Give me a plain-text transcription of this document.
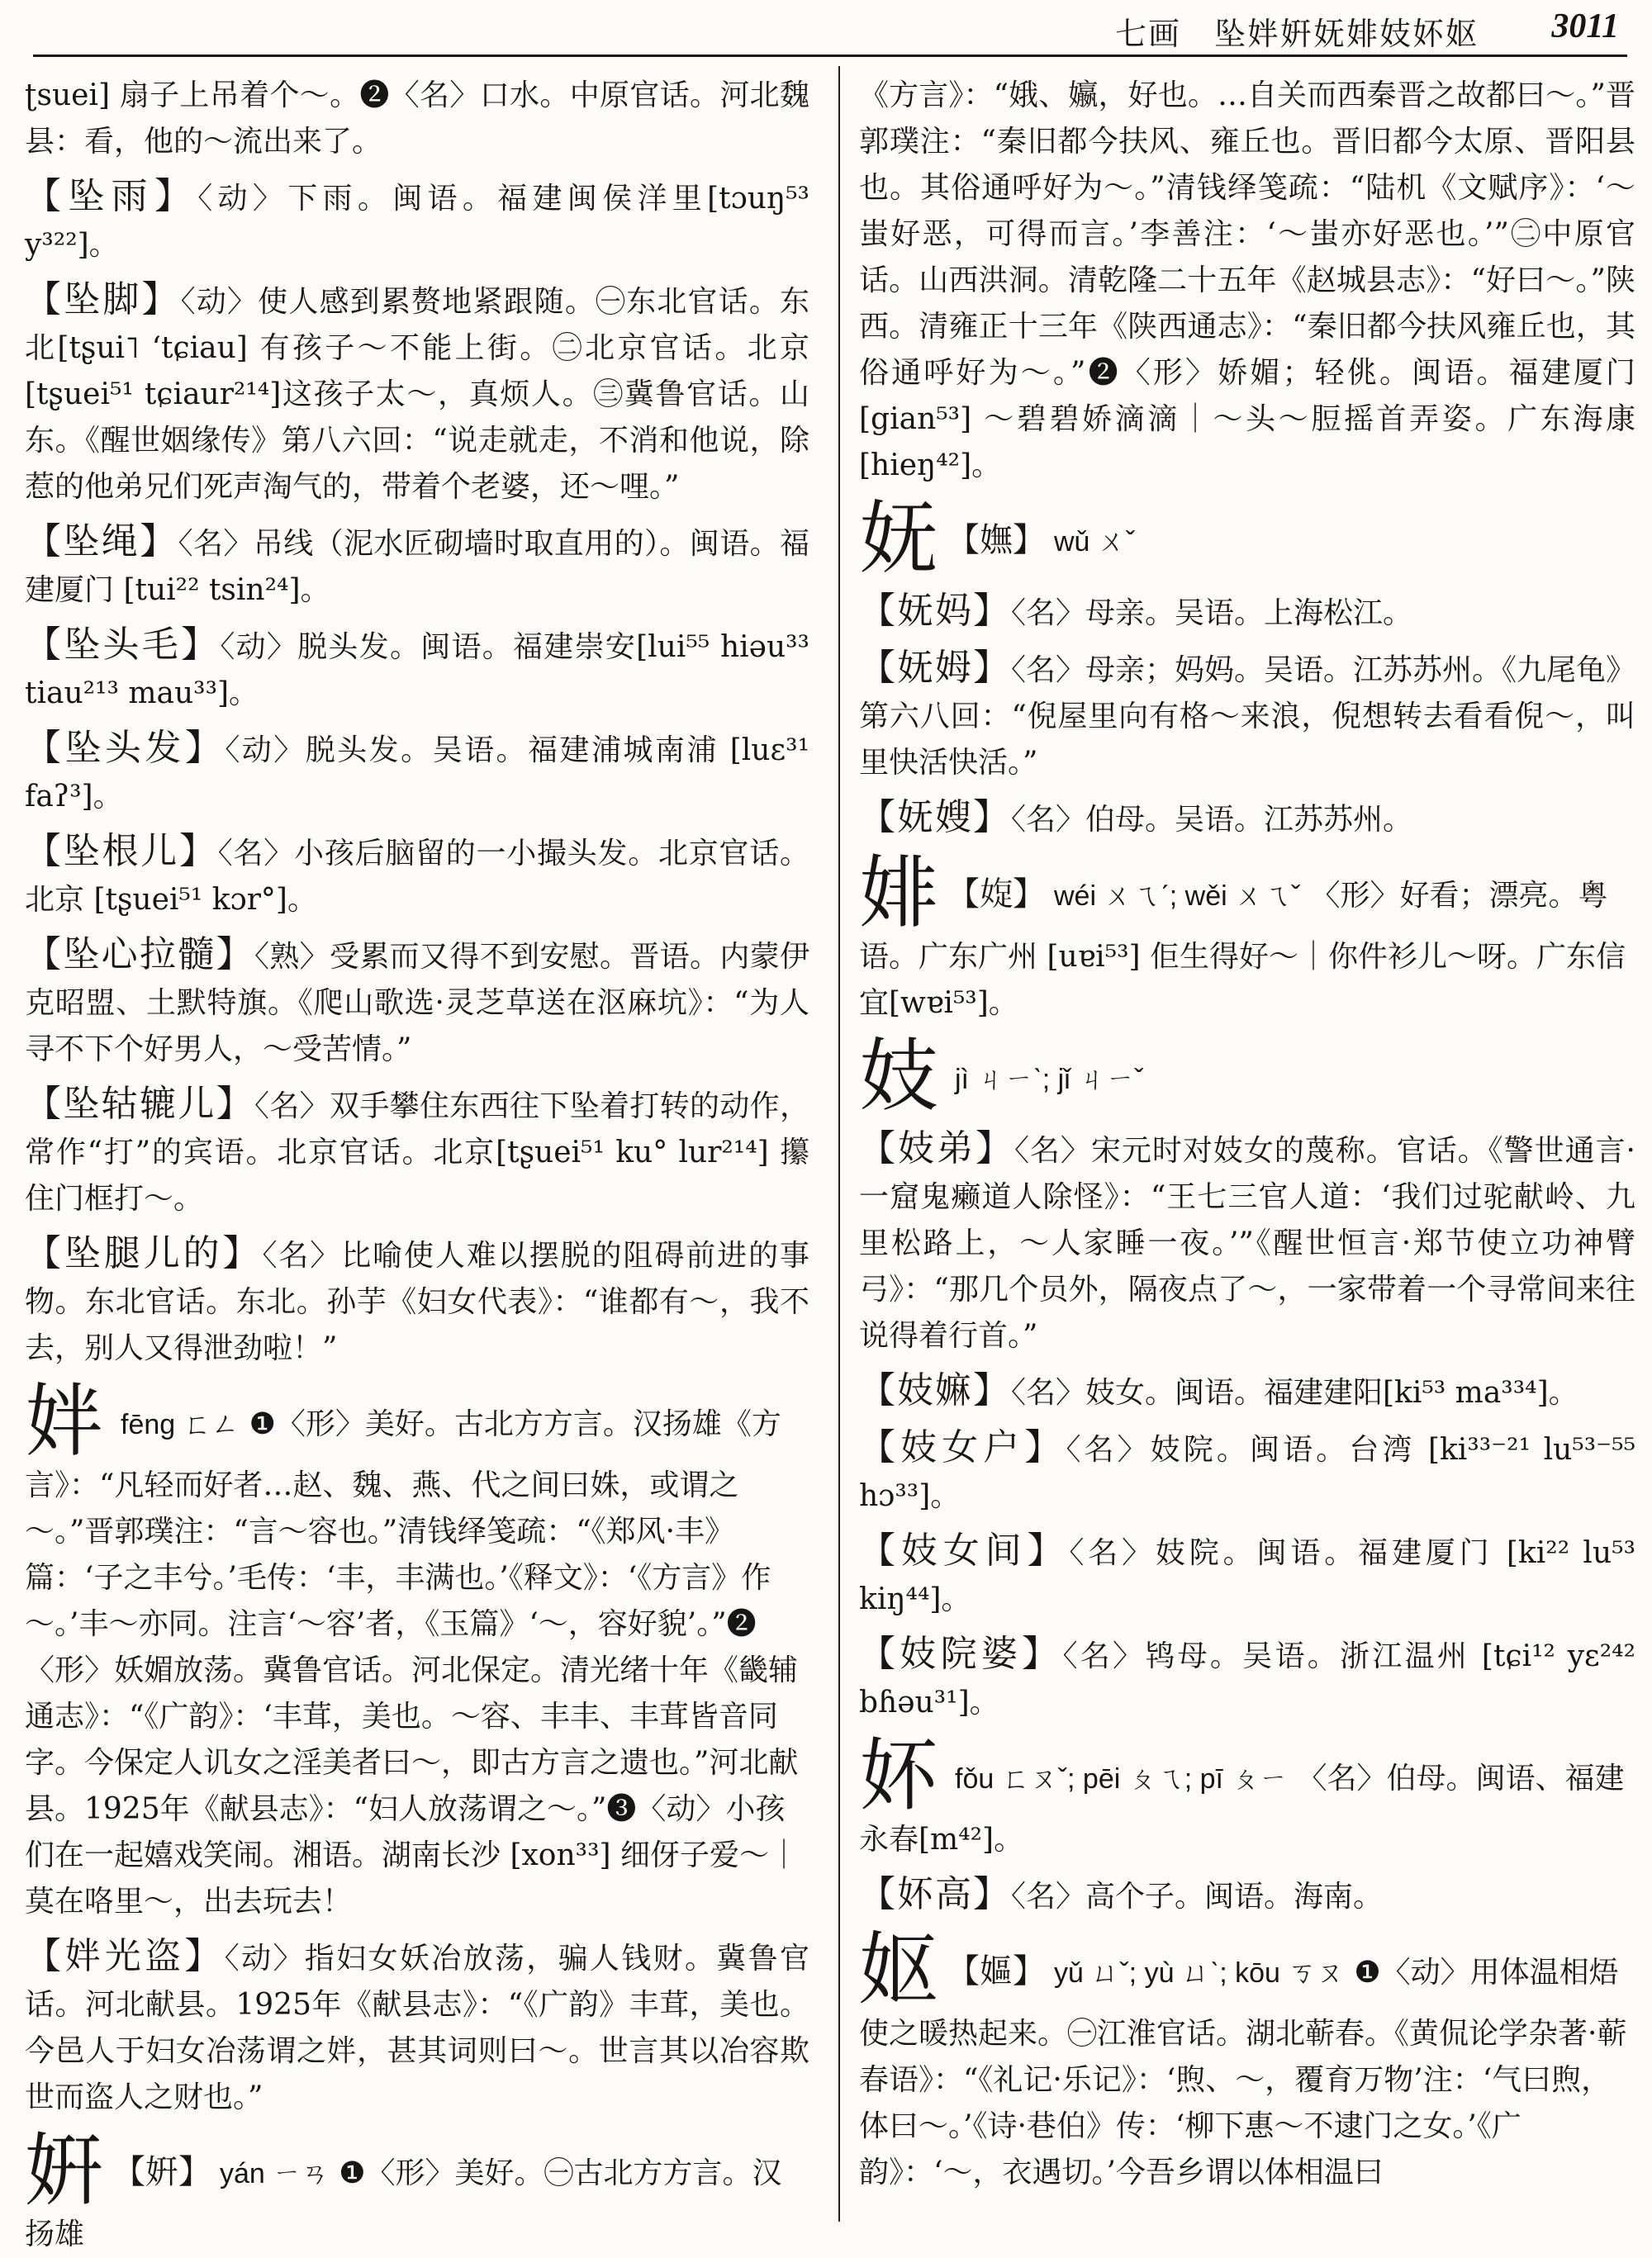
七画　坠姅姸妩婔妓妚妪 3011
ʈsuei] 扇子上吊着个～。❷〈名〉口水。中原官话。河北魏县：看，他的～流出来了。
【坠雨】〈动〉下雨。闽语。福建闽侯洋里[tɔuŋ⁵³ y³²²]。
【坠脚】〈动〉使人感到累赘地紧跟随。㊀东北官话。东北[tʂui˥ ʻtɕiau] 有孩子～不能上街。㊁北京官话。北京[tʂuei⁵¹ tɕiaur²¹⁴]这孩子太～，真烦人。㊂冀鲁官话。山东。《醒世姻缘传》第八六回：“说走就走，不消和他说，除惹的他弟兄们死声淘气的，带着个老婆，还～哩。”
【坠绳】〈名〉吊线（泥水匠砌墙时取直用的）。闽语。福建厦门 [tui²² tsin²⁴]。
【坠头毛】〈动〉脱头发。闽语。福建崇安[lui⁵⁵ hiəu³³ tiau²¹³ mau³³]。
【坠头发】〈动〉脱头发。吴语。福建浦城南浦 [luɛ³¹ faʔ³]。
【坠根儿】〈名〉小孩后脑留的一小撮头发。北京官话。北京 [tʂuei⁵¹ kɔr°]。
【坠心拉髓】〈熟〉受累而又得不到安慰。晋语。内蒙伊克昭盟、土默特旗。《爬山歌选·灵芝草送在沤麻坑》：“为人寻不下个好男人，～受苦情。”
【坠轱辘儿】〈名〉双手攀住东西往下坠着打转的动作，常作“打”的宾语。北京官话。北京[tʂuei⁵¹ ku° lur²¹⁴] 攥住门框打～。
【坠腿儿的】〈名〉比喻使人难以摆脱的阻碍前进的事物。东北官话。东北。孙芋《妇女代表》：“谁都有～，我不去，别人又得泄劲啦！”
姅fēng ㄈㄥ ❶〈形〉美好。古北方方言。汉扬雄《方言》：“凡轻而好者…赵、魏、燕、代之间曰姝，或谓之～。”晋郭璞注：“言～容也。”清钱绎笺疏：“《郑风·丰》篇：‘子之丰兮。’毛传：‘丰，丰满也。’《释文》：‘《方言》作～。’丰～亦同。注言‘～容’者，《玉篇》‘～，容好貌’。”❷〈形〉妖媚放荡。冀鲁官话。河北保定。清光绪十年《畿辅通志》：“《广韵》：‘丰茸，美也。～容、丰丰、丰茸皆音同字。今保定人讥女之淫美者曰～，即古方言之遗也。”河北献县。1925年《献县志》：“妇人放荡谓之～。”❸〈动〉小孩们在一起嬉戏笑闹。湘语。湖南长沙 [xon³³] 细伢子爱～｜莫在咯里～，出去玩去！
【姅光盗】〈动〉指妇女妖冶放荡，骗人钱财。冀鲁官话。河北献县。1925年《献县志》：“《广韵》丰茸，美也。今邑人于妇女冶荡谓之姅，甚其词则曰～。世言其以冶容欺世而盗人之财也。”
姸 【姸】 yán ㄧㄢ ❶〈形〉美好。㊀古北方方言。汉扬雄
《方言》：“娥、㜲，好也。…自关而西秦晋之故都曰～。”晋郭璞注：“秦旧都今扶风、雍丘也。晋旧都今太原、晋阳县也。其俗通呼好为～。”清钱绎笺疏：“陆机《文赋序》：‘～蚩好恶，可得而言。’李善注：‘～蚩亦好恶也。’”㊁中原官话。山西洪洞。清乾隆二十五年《赵城县志》：“好曰～。”陕西。清雍正十三年《陕西通志》：“秦旧都今扶风雍丘也，其俗通呼好为～。”❷〈形〉娇媚；轻佻。闽语。福建厦门 [gian⁵³] ～碧碧娇滴滴｜～头～脰摇首弄姿。广东海康 [hieŋ⁴²]。
妩 【嫵】 wǔ ㄨˇ
【妩妈】〈名〉母亲。吴语。上海松江。
【妩姆】〈名〉母亲；妈妈。吴语。江苏苏州。《九尾龟》第六八回：“倪屋里向有格～来浪，倪想转去看看倪～，叫里快活快活。”
【妩嫂】〈名〉伯母。吴语。江苏苏州。
婔 【𡟐】 wéi ㄨㄟˊ; wěi ㄨㄟˇ 〈形〉好看；漂亮。粤语。广东广州 [uɐi⁵³] 佢生得好～｜你件衫儿～呀。广东信宜[wɐi⁵³]。
妓jì ㄐㄧˋ; jǐ ㄐㄧˇ
【妓弟】〈名〉宋元时对妓女的蔑称。官话。《警世通言·一窟鬼癞道人除怪》：“王七三官人道：‘我们过驼献岭、九里松路上，～人家睡一夜。’”《醒世恒言·郑节使立功神臂弓》：“那几个员外，隔夜点了～，一家带着一个寻常间来往说得着行首。”
【妓嫲】〈名〉妓女。闽语。福建建阳[ki⁵³ ma³³⁴]。
【妓女户】〈名〉妓院。闽语。台湾 [ki³³⁻²¹ lu⁵³⁻⁵⁵ hɔ³³]。
【妓女间】〈名〉妓院。闽语。福建厦门 [ki²² lu⁵³ kiŋ⁴⁴]。
【妓院婆】〈名〉鸨母。吴语。浙江温州 [tɕi¹² yɛ²⁴² bɦəu³¹]。
妚fǒu ㄈㄡˇ; pēi ㄆㄟ; pī ㄆㄧ 〈名〉伯母。闽语、福建永春[m⁴²]。
【妚高】〈名〉高个子。闽语。海南。
妪 【嫗】 yǔ ㄩˇ; yù ㄩˋ; kōu ㄎㄡ ❶〈动〉用体温相焐使之暖热起来。㊀江淮官话。湖北蕲春。《黄侃论学杂著·蕲春语》：“《礼记·乐记》：‘煦、～，覆育万物’注：‘气曰煦，体曰～。’《诗·巷伯》传：‘柳下惠～不逮门之女。’《广韵》：‘～，衣遇切。’今吾乡谓以体相温曰
